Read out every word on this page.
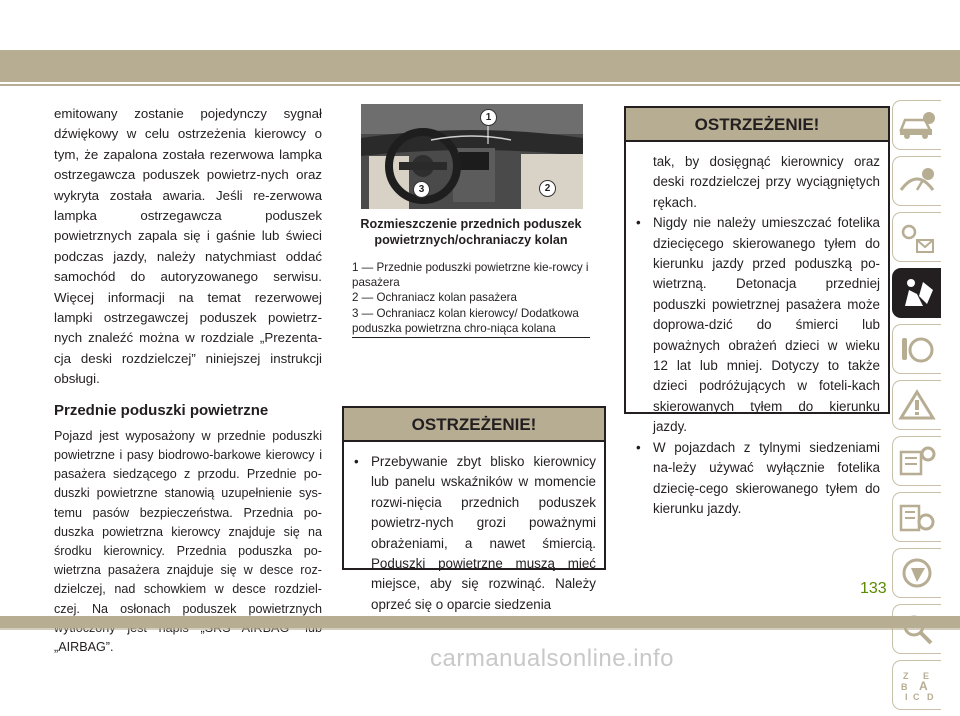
emitowany zostanie pojedynczy sygnał dźwiękowy w celu ostrzeżenia kierowcy o tym, że zapalona została rezerwowa lampka ostrzegawcza poduszek powietrz-nych oraz wykryta została awaria. Jeśli re-zerwowa lampka ostrzegawcza poduszek powietrznych zapala się i gaśnie lub świeci podczas jazdy, należy natychmiast oddać samochód do autoryzowanego serwisu. Więcej informacji na temat rezerwowej lampki ostrzegawczej poduszek powietrz-nych znaleźć można w rozdziale „Prezenta-cja deski rozdzielczej” niniejszej instrukcji obsługi.

Przednie poduszki powietrzne

Pojazd jest wyposażony w przednie poduszki powietrzne i pasy biodrowo-barkowe kierowcy i pasażera siedzącego z przodu. Przednie po-duszki powietrzne stanowią uzupełnienie sys-temu pasów bezpieczeństwa. Przednia po-duszka powietrzna kierowcy znajduje się na środku kierownicy. Przednia poduszka po-wietrzna pasażera znajduje się w desce roz-dzielczej, nad schowkiem w desce rozdziel-czej. Na osłonach poduszek powietrznych „AIRBAG”.

1
2
3
Rozmieszczenie przednich poduszek powietrznych/ochraniaczy kolan
1 — Przednie poduszki powietrzne kie-rowcy i pasażera
2 — Ochraniacz kolan pasażera
3 — Ochraniacz kolan kierowcy/ Dodatkowa poduszka powietrzna chro-niąca kolana
OSTRZEŻENIE!
• Przebywanie zbyt blisko kierownicy lub panelu wskaźników w momencie rozwi-nięcia przednich poduszek powietrz-nych grozi poważnymi obrażeniami, a nawet śmiercią. Poduszki powietrzne muszą mieć miejsce, aby się rozwinąć. Należy oprzeć się o oparcie siedzenia
OSTRZEŻENIE!
tak, by dosięgnąć kierownicy oraz deski rozdzielczej przy wyciągniętych rękach.
• Nigdy nie należy umieszczać fotelika dziecięcego skierowanego tyłem do kierunku jazdy przed poduszką po-wietrzną. Detonacja przedniej poduszki powietrznej pasażera może doprowa-dzić do śmierci lub poważnych obrażeń dzieci w wieku 12 lat lub mniej. Dotyczy to także dzieci podróżujących w foteli-kach skierowanych tyłem do kierunku jazdy.
• W pojazdach z tylnymi siedzeniami na-leży używać wyłącznie fotelika dziecię-cego skierowanego tyłem do kierunku jazdy.
Z E
B A
I C D
133
carmanualsonline.info
